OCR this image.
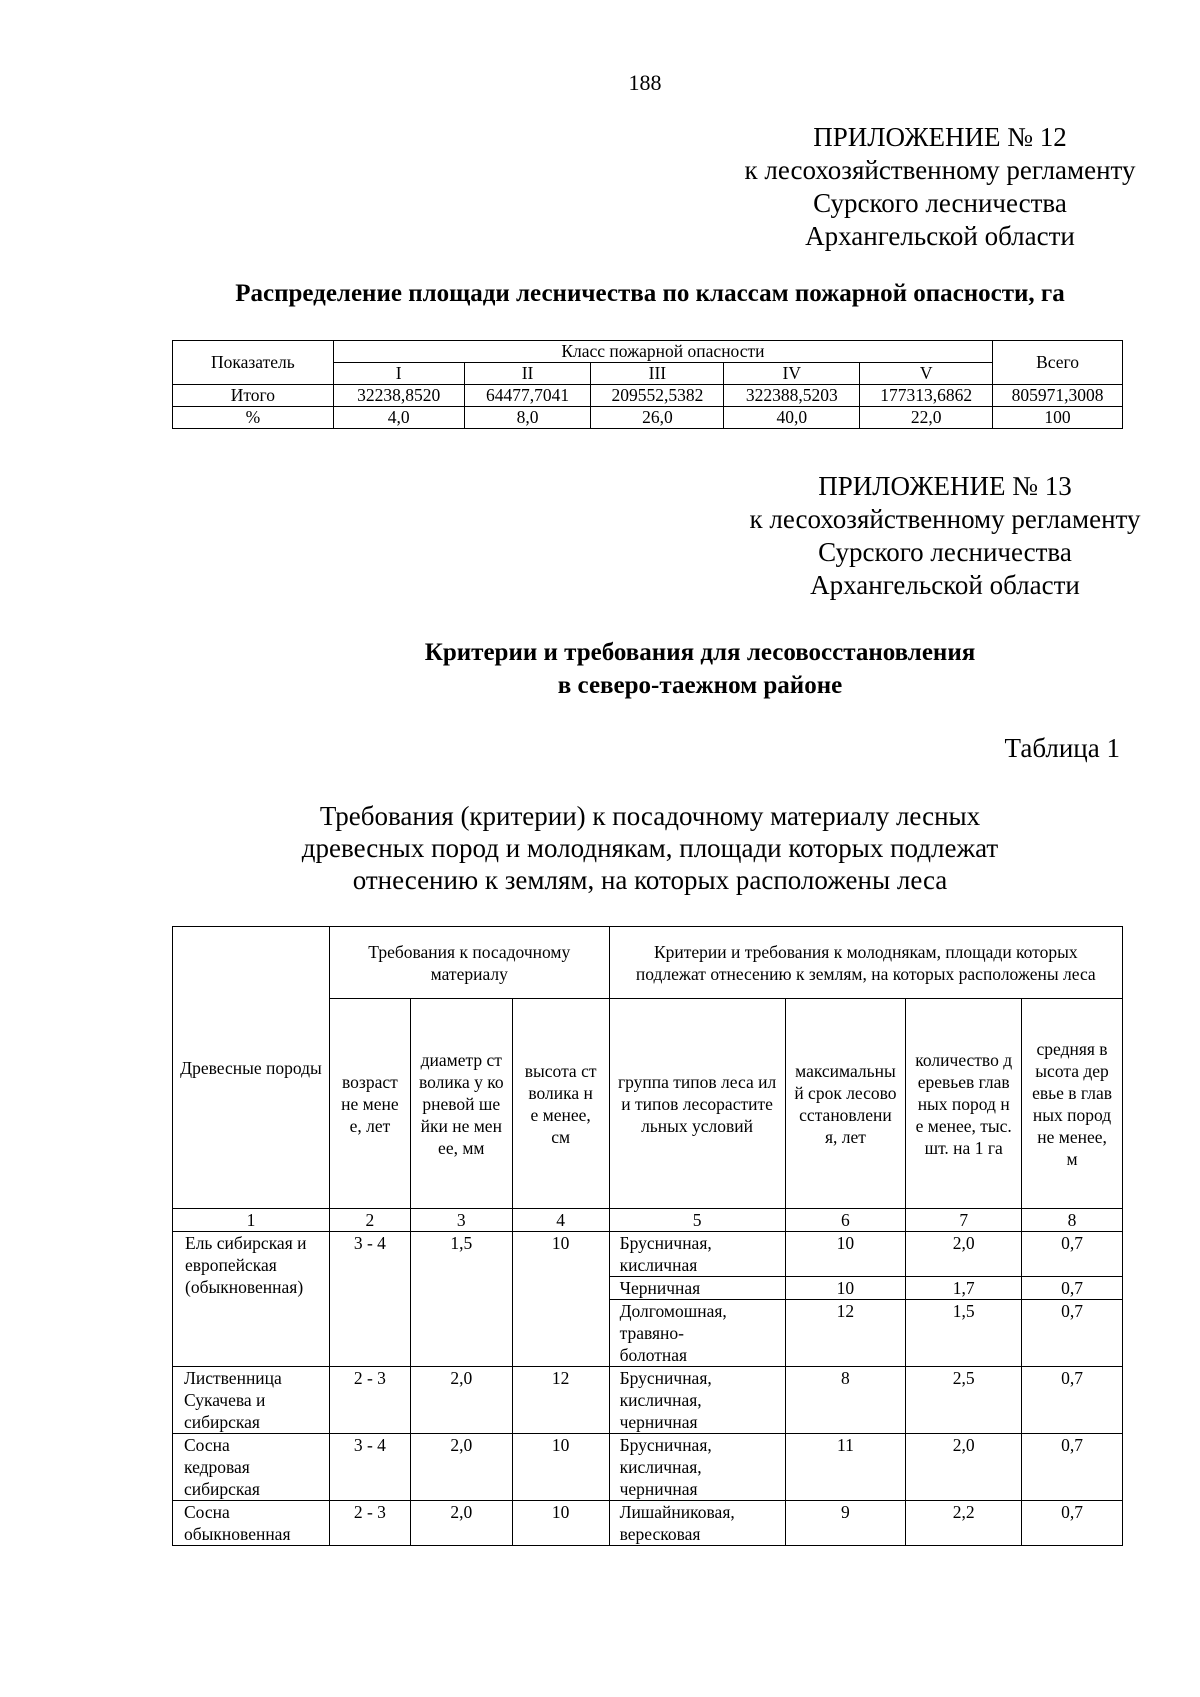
188
ПРИЛОЖЕНИЕ № 12
к лесохозяйственному регламенту
Сурского лесничества
Архангельской области
Распределение площади лесничества по классам пожарной опасности, га
Показатель	Класс пожарной опасности					Всего
	I	II	III	IV	V	
Итого	32238,8520	64477,7041	209552,5382	322388,5203	177313,6862	805971,3008
%	4,0	8,0	26,0	40,0	22,0	100
ПРИЛОЖЕНИЕ № 13
к лесохозяйственному регламенту
Сурского лесничества
Архангельской области
Критерии и требования для лесовосстановления
в северо-таежном районе
Таблица 1
Требования (критерии) к посадочному материалу лесных
древесных пород и молоднякам, площади которых подлежат
отнесению к землям, на которых расположены леса
Древесные породы	Требования к посадочному материалу			Критерии и требования к молоднякам, площади которых подлежат отнесению к землям, на которых расположены леса			
	возраст не менее, лет	диаметр стволика у корневой шейки не менее, мм	высота стволика не менее, см	группа типов леса или типов лесорастительных условий	максимальный срок лесовосстановления, лет	количество деревьев главных пород не менее, тыс. шт. на 1 га	средняя высота деревье в главных пород не менее, м
1	2	3	4	5	6	7	8
Ель сибирская и европейская (обыкновенная)	3 - 4	1,5	10	Брусничная, кисличная	10	2,0	0,7
				Черничная	10	1,7	0,7
				Долгомошная, травяно-болотная	12	1,5	0,7
Лиственница Сукачева и сибирская	2 - 3	2,0	12	Брусничная, кисличная, черничная	8	2,5	0,7
Сосна кедровая сибирская	3 - 4	2,0	10	Брусничная, кисличная, черничная	11	2,0	0,7
Сосна обыкновенная	2 - 3	2,0	10	Лишайниковая, вересковая	9	2,2	0,7
